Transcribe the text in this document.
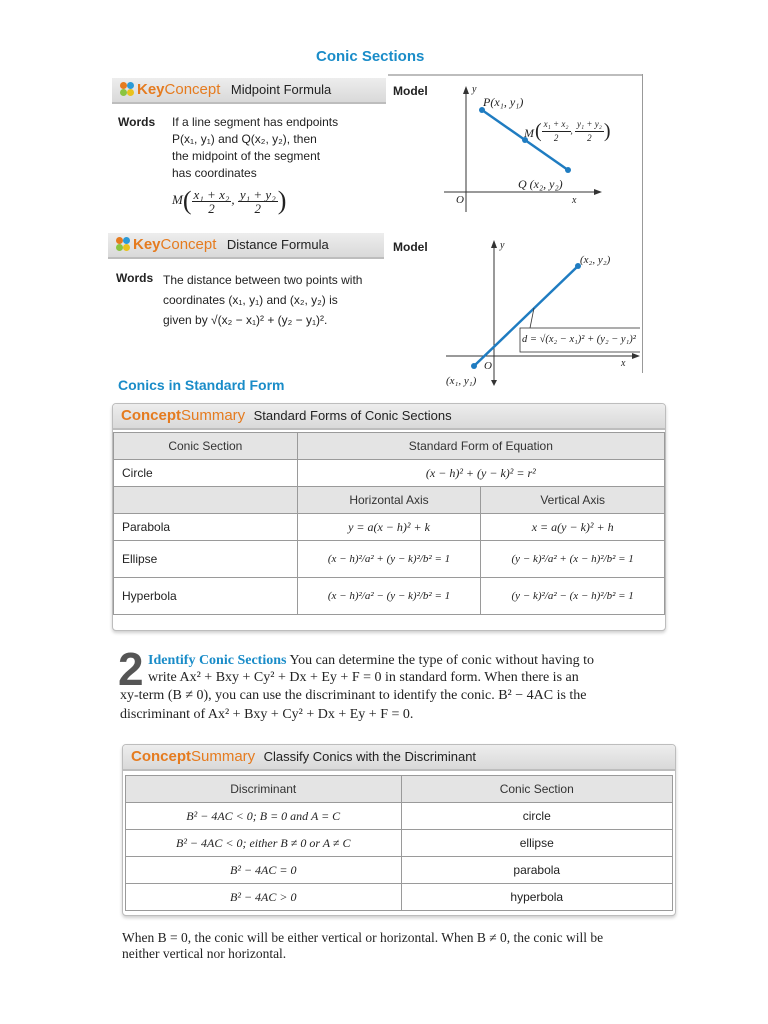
Conic Sections
KeyConcept Midpoint Formula	Model
Words If a line segment has endpoints
P(x₁, y₁) and Q(x₂, y₂), then
the midpoint of the segment
has coordinates
$M( \frac{\text{x₁ + x₂}}{2}$ , $\frac{\text{y₁ + y₂}}{2}$ )
y
x
O
P(x₁, y₁)
M ( $\frac{\text{x₁ + x₂}}{2}$ , $\frac{\text{y₁ + y₂}}{2}$ )
Q (x₂, y₂)
KeyConcept Distance Formula	Model
Words The distance between two points with
coordinates (x₁, y₁) and (x₂, y₂) is
given by √(x₂ − x₁)² + (y₂ − y₁)².
y
x
O
(x₁, y₁)
(x₂, y₂)
d = √(x₂ − x₁)² + (y₂ − y₁)²
Conics in Standard Form
ConceptSummary Standard Forms of Conic Sections
Conic Section	Standard Form of Equation	
Circle	(x − h)² + (y − k)² = r²	
	Horizontal Axis	Vertical Axis
Parabola	y = a(x − h)² + k	x = a(y − k)² + h
Ellipse	(x − h)²/a² + (y − k)²/b² = 1	(y − k)²/a² + (x − h)²/b² = 1
Hyperbola	(x − h)²/a² − (y − k)²/b² = 1	(y − k)²/a² − (x − h)²/b² = 1
2 Identify Conic Sections You can determine the type of conic without having to
write Ax² + Bxy + Cy² + Dx + Ey + F = 0 in standard form. When there is an
xy-term (B ≠ 0), you can use the discriminant to identify the conic. B² − 4AC is the
discriminant of Ax² + Bxy + Cy² + Dx + Ey + F = 0.
ConceptSummary Classify Conics with the Discriminant
Discriminant	Conic Section
B² − 4AC < 0; B = 0 and A = C	circle
B² − 4AC < 0; either B ≠ 0 or A ≠ C	ellipse
B² − 4AC = 0	parabola
B² − 4AC > 0	hyperbola
When B = 0, the conic will be either vertical or horizontal. When B ≠ 0, the conic will be
neither vertical nor horizontal.
